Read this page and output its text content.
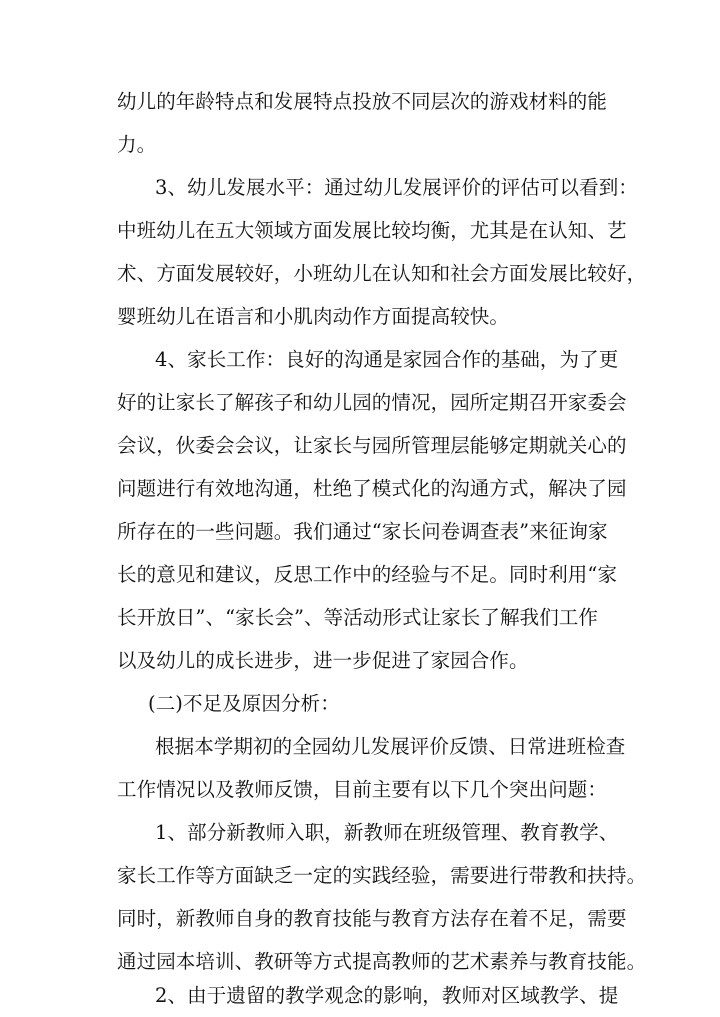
幼儿的年龄特点和发展特点投放不同层次的游戏材料的能
力。
3、幼儿发展水平：通过幼儿发展评价的评估可以看到：
中班幼儿在五大领域方面发展比较均衡，尤其是在认知、艺
术、方面发展较好，小班幼儿在认知和社会方面发展比较好，
婴班幼儿在语言和小肌肉动作方面提高较快。
4、家长工作：良好的沟通是家园合作的基础，为了更
好的让家长了解孩子和幼儿园的情况，园所定期召开家委会
会议，伙委会会议，让家长与园所管理层能够定期就关心的
问题进行有效地沟通，杜绝了模式化的沟通方式，解决了园
所存在的一些问题。我们通过“家长问卷调查表”来征询家
长的意见和建议，反思工作中的经验与不足。同时利用“家
长开放日”、“家长会”、等活动形式让家长了解我们工作
以及幼儿的成长进步，进一步促进了家园合作。
(二)不足及原因分析：
根据本学期初的全园幼儿发展评价反馈、日常进班检查
工作情况以及教师反馈，目前主要有以下几个突出问题：
1、部分新教师入职，新教师在班级管理、教育教学、
家长工作等方面缺乏一定的实践经验，需要进行带教和扶持。
同时，新教师自身的教育技能与教育方法存在着不足，需要
通过园本培训、教研等方式提高教师的艺术素养与教育技能。
2、由于遗留的教学观念的影响，教师对区域教学、提
